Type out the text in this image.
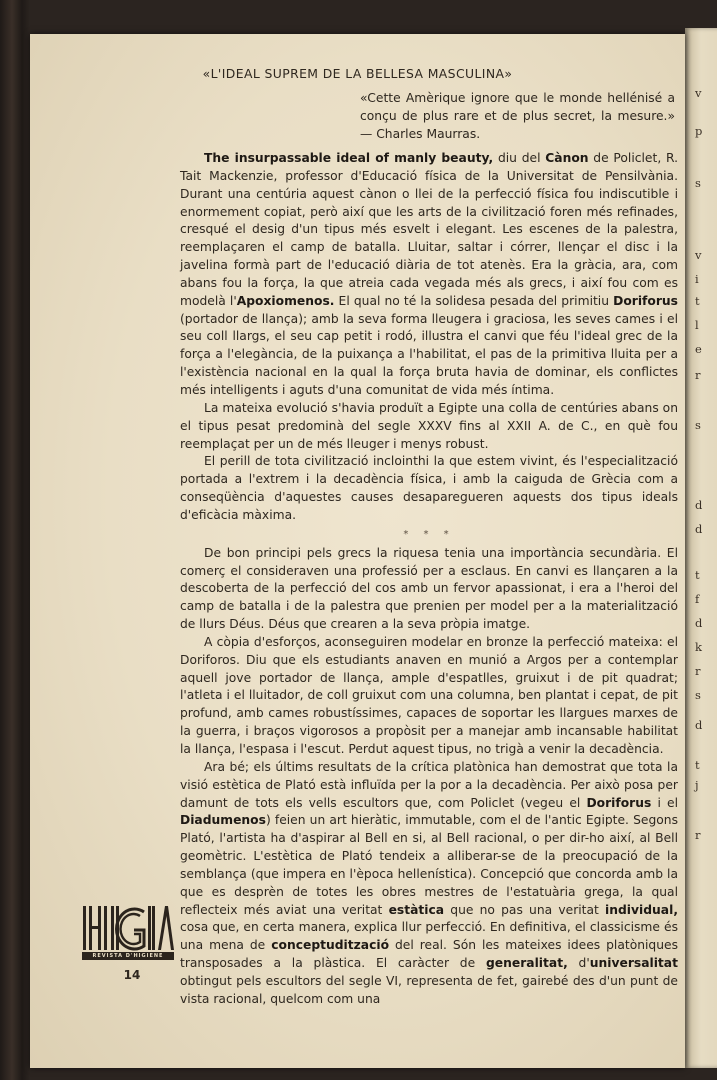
v
p
s
v
i
t
l
e
r
s
d
d
t
f
d
k
r
s
d
t
j
r
«L'IDEAL SUPREM DE LA BELLESA MASCULINA»
«Cette Amèrique ignore que le monde hellénisé a conçu de plus rare et de plus secret, la mesure.» — Charles Maurras.

The insurpassable ideal of manly beauty, diu del Cànon de Policlet, R. Tait Mackenzie, professor d'Educació física de la Universitat de Pensilvània. Durant una centúria aquest cànon o llei de la perfecció física fou indiscutible i enormement copiat, però així que les arts de la civilització foren més refinades, cresqué el desig d'un tipus més esvelt i elegant. Les escenes de la palestra, reemplaçaren el camp de batalla. Lluitar, saltar i córrer, llençar el disc i la javelina formà part de l'educació diària de tot atenès. Era la gràcia, ara, com abans fou la força, la que atreia cada vegada més als grecs, i així fou com es modelà l'Apoxiomenos. El qual no té la solidesa pesada del primitiu Doriforus (portador de llança); amb la seva forma lleugera i graciosa, les seves cames i el seu coll llargs, el seu cap petit i rodó, illustra el canvi que féu l'ideal grec de la força a l'elegància, de la puixança a l'habilitat, el pas de la primitiva lluita per a l'existència nacional en la qual la força bruta havia de dominar, els conflictes més intelligents i aguts d'una comunitat de vida més íntima.

La mateixa evolució s'havia produït a Egipte una colla de centúries abans on el tipus pesat predominà del segle XXXV fins al XXII A. de C., en què fou reemplaçat per un de més lleuger i menys robust.

El perill de tota civilització inclointhi la que estem vivint, és l'especialització portada a l'extrem i la decadència física, i amb la caiguda de Grècia com a conseqüència d'aquestes causes desaparegueren aquests dos tipus ideals d'eficàcia màxima.

* * *

De bon principi pels grecs la riquesa tenia una importància secundària. El comerç el consideraven una professió per a esclaus. En canvi es llançaren a la descoberta de la perfecció del cos amb un fervor apassionat, i era a l'heroi del camp de batalla i de la palestra que prenien per model per a la materialització de llurs Déus. Déus que crearen a la seva pròpia imatge.

A còpia d'esforços, aconseguiren modelar en bronze la perfecció mateixa: el Doriforos. Diu que els estudiants anaven en munió a Argos per a contemplar aquell jove portador de llança, ample d'espatlles, gruixut i de pit quadrat; l'atleta i el lluitador, de coll gruixut com una columna, ben plantat i cepat, de pit profund, amb cames robustíssimes, capaces de soportar les llargues marxes de la guerra, i braços vigorosos a propòsit per a manejar amb incansable habilitat la llança, l'espasa i l'escut. Perdut aquest tipus, no trigà a venir la decadència.

Ara bé; els últims resultats de la crítica platònica han demostrat que tota la visió estètica de Plató està influïda per la por a la decadència. Per això posa per damunt de tots els vells escultors que, com Policlet (vegeu el Doriforus i el Diadumenos) feien un art hieràtic, immutable, com el de l'antic Egipte. Segons Plató, l'artista ha d'aspirar al Bell en si, al Bell racional, o per dir-ho així, al Bell geomètric. L'estètica de Plató tendeix a alliberar-se de la preocupació de la semblança (que impera en l'època hellenística). Concepció que concorda amb la que es desprèn de totes les obres mestres de l'estatuària grega, la qual reflecteix més aviat una veritat estàtica que no pas una veritat individual, cosa que, en certa manera, explica llur perfecció. En definitiva, el classicisme és una mena de conceptudització del real. Són les mateixes idees platòniques transposades a la plàstica. El caràcter de generalitat, d'universalitat obtingut pels escultors del segle VI, representa de fet, gairebé des d'un punt de vista racional, quelcom com una

REVISTA D'HIGIENE
14
